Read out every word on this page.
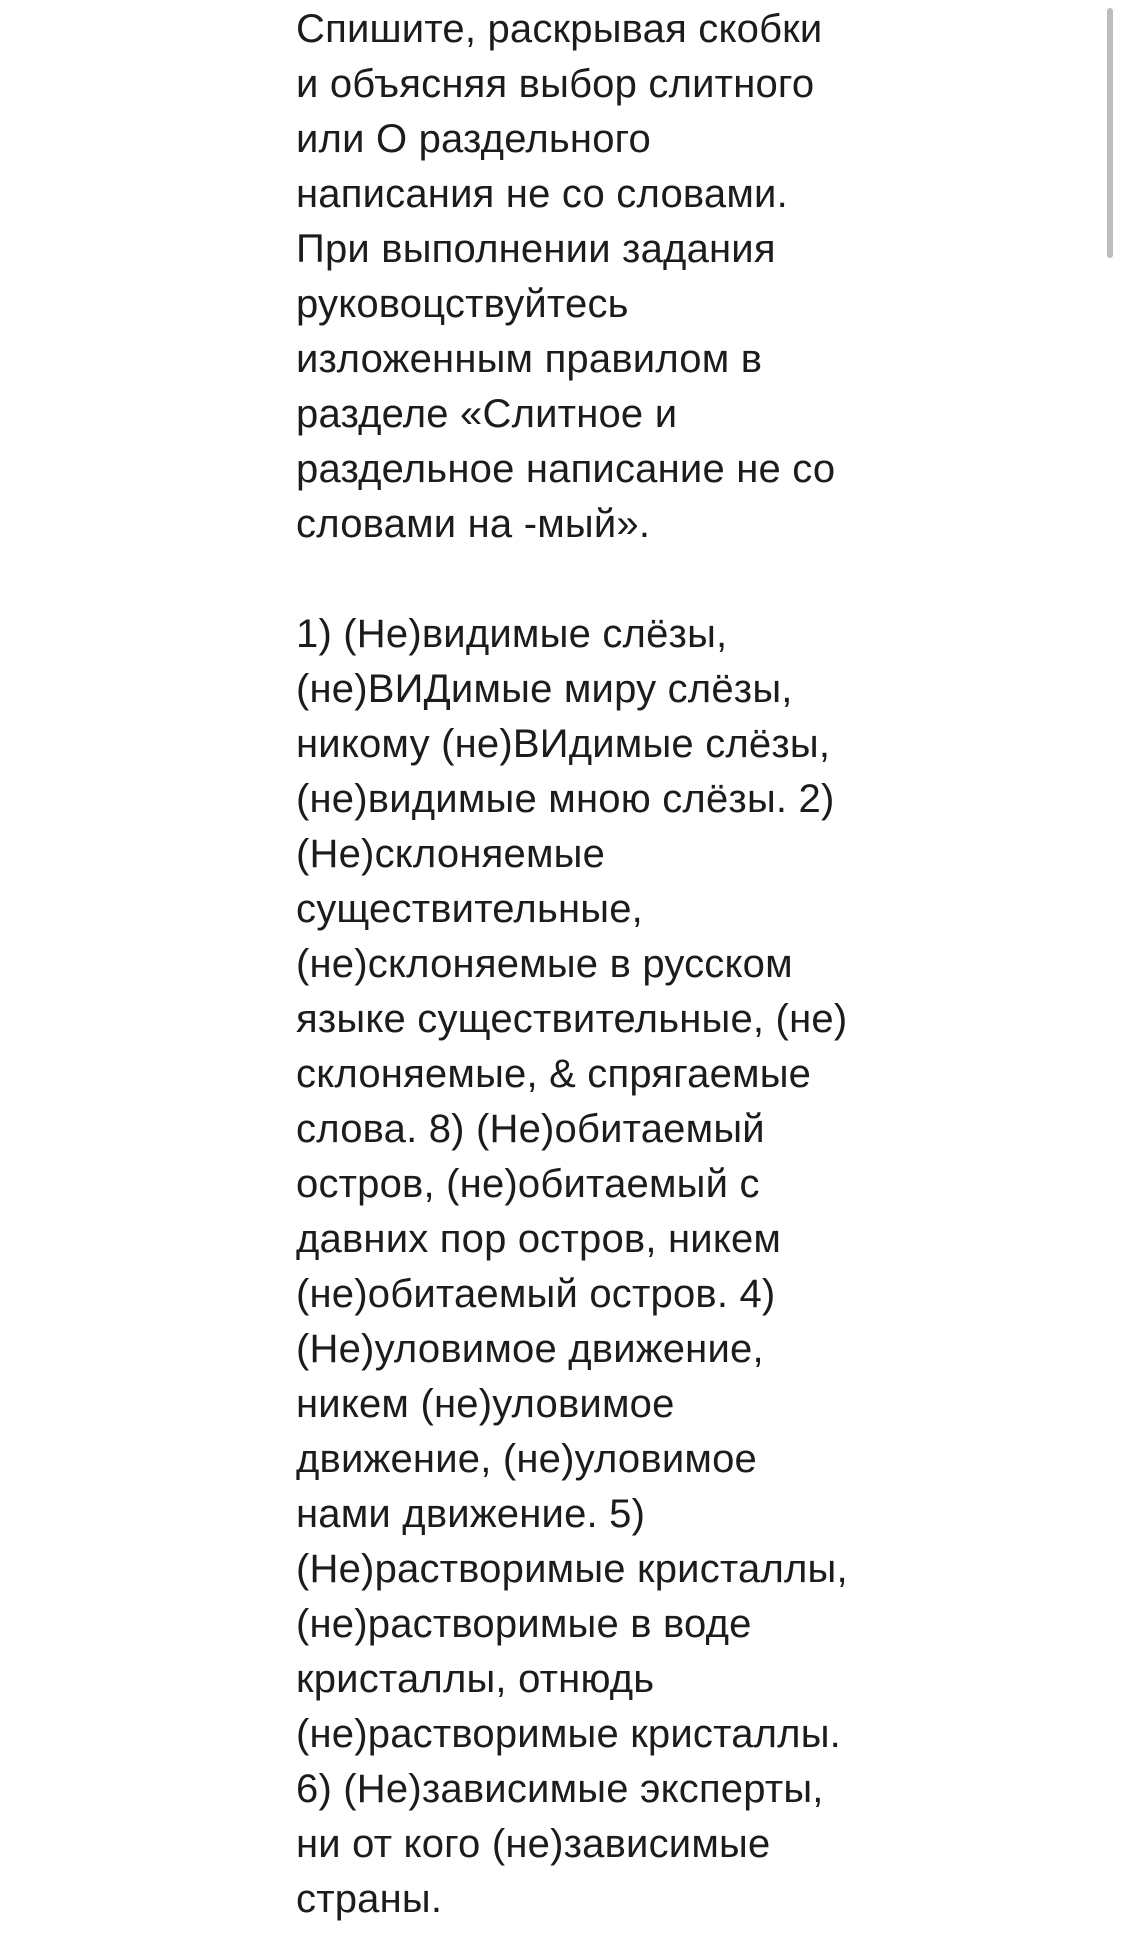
Спишите, раскрывая скобки
и объясняя выбор слитного
или О раздельного
написания не со словами.
При выполнении задания
руковоцствуйтесь
изложенным правилом в
разделе «Слитное и
раздельное написание не со
словами на -мый».
1) (Не)видимые слёзы,
(не)ВИДимые миру слёзы,
никому (не)ВИдимые слёзы,
(не)видимые мною слёзы. 2)
(Не)склоняемые
существительные,
(не)склоняемые в русском
языке существительные, (не)
склоняемые, & спрягаемые
слова. 8) (Не)обитаемый
остров, (не)обитаемый с
давних пор остров, никем
(не)обитаемый остров. 4)
(Не)уловимое движение,
никем (не)уловимое
движение, (не)уловимое
нами движение. 5)
(Не)растворимые кристаллы,
(не)растворимые в воде
кристаллы, отнюдь
(не)растворимые кристаллы.
6) (Не)зависимые эксперты,
ни от кого (не)зависимые
страны.
